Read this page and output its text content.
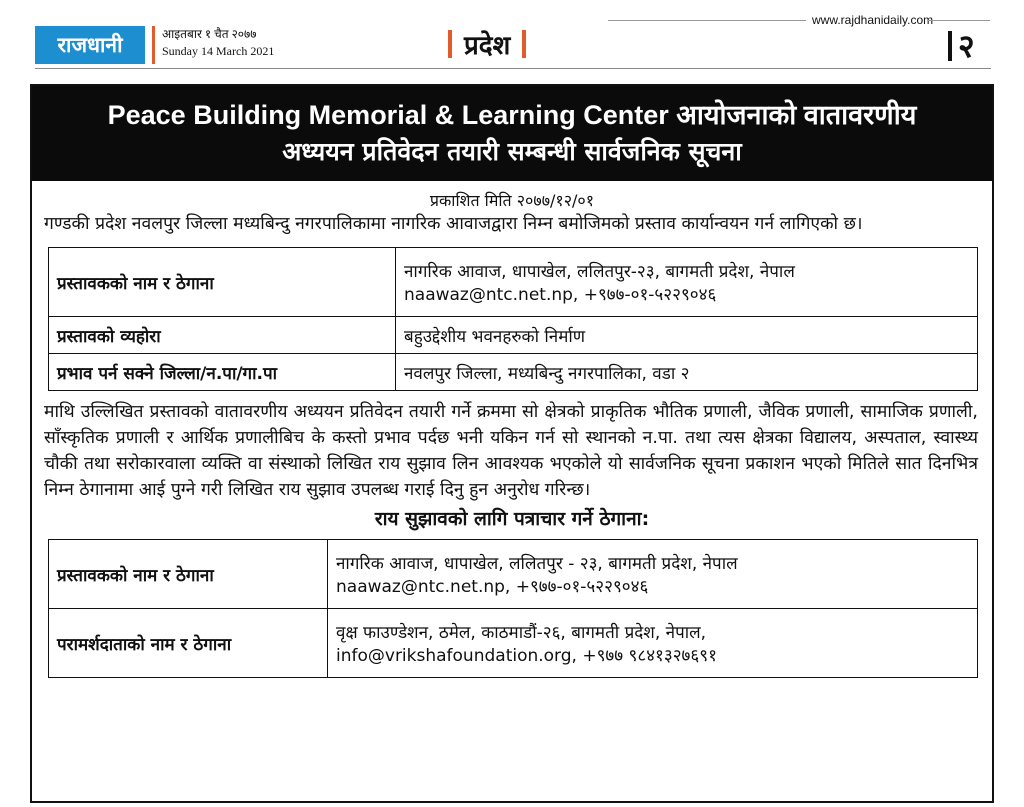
www.rajdhanidaily.com
राजधानी	आइतबार १ चैत २०७७
Sunday 14 March 2021	प्रदेश	२
Peace Building Memorial & Learning Center आयोजनाको वातावरणीय
अध्ययन प्रतिवेदन तयारी सम्बन्धी सार्वजनिक सूचना
प्रकाशित मिति २०७७/१२/०१
गण्डकी प्रदेश नवलपुर जिल्ला मध्यबिन्दु नगरपालिकामा नागरिक आवाजद्वारा निम्न बमोजिमको प्रस्ताव कार्यान्वयन गर्न लागिएको छ।
प्रस्तावकको नाम र ठेगाना	नागरिक आवाज, धापाखेल, ललितपुर-२३, बागमती प्रदेश, नेपाल
naawaz@ntc.net.np, +९७७-०१-५२२९०४६

प्रस्तावको व्यहोरा	बहुउद्देशीय भवनहरुको निर्माण
प्रभाव पर्न सक्ने जिल्ला/न.पा/गा.पा	नवलपुर जिल्ला, मध्यबिन्दु नगरपालिका, वडा २
माथि उल्लिखित प्रस्तावको वातावरणीय अध्ययन प्रतिवेदन तयारी गर्ने क्रममा सो क्षेत्रको प्राकृतिक भौतिक प्रणाली, जैविक प्रणाली, सामाजिक प्रणाली, साँस्कृतिक प्रणाली र आर्थिक प्रणालीबिच के कस्तो प्रभाव पर्दछ भनी यकिन गर्न सो स्थानको न.पा. तथा त्यस क्षेत्रका विद्यालय, अस्पताल, स्वास्थ्य चौकी तथा सरोकारवाला व्यक्ति वा संस्थाको लिखित राय सुझाव लिन आवश्यक भएकोले यो सार्वजनिक सूचना प्रकाशन भएको मितिले सात दिनभित्र निम्न ठेगानामा आई पुग्ने गरी लिखित राय सुझाव उपलब्ध गराई दिनु हुन अनुरोध गरिन्छ।
राय सुझावको लागि पत्राचार गर्ने ठेगाना:
प्रस्तावकको नाम र ठेगाना	नागरिक आवाज, धापाखेल, ललितपुर - २३, बागमती प्रदेश, नेपाल
naawaz@ntc.net.np, +९७७-०१-५२२९०४६

परामर्शदाताको नाम र ठेगाना	वृक्ष फाउण्डेशन, ठमेल, काठमाडौं-२६, बागमती प्रदेश, नेपाल,
info@vrikshafoundation.org, +९७७ ९८४१३२७६९१
